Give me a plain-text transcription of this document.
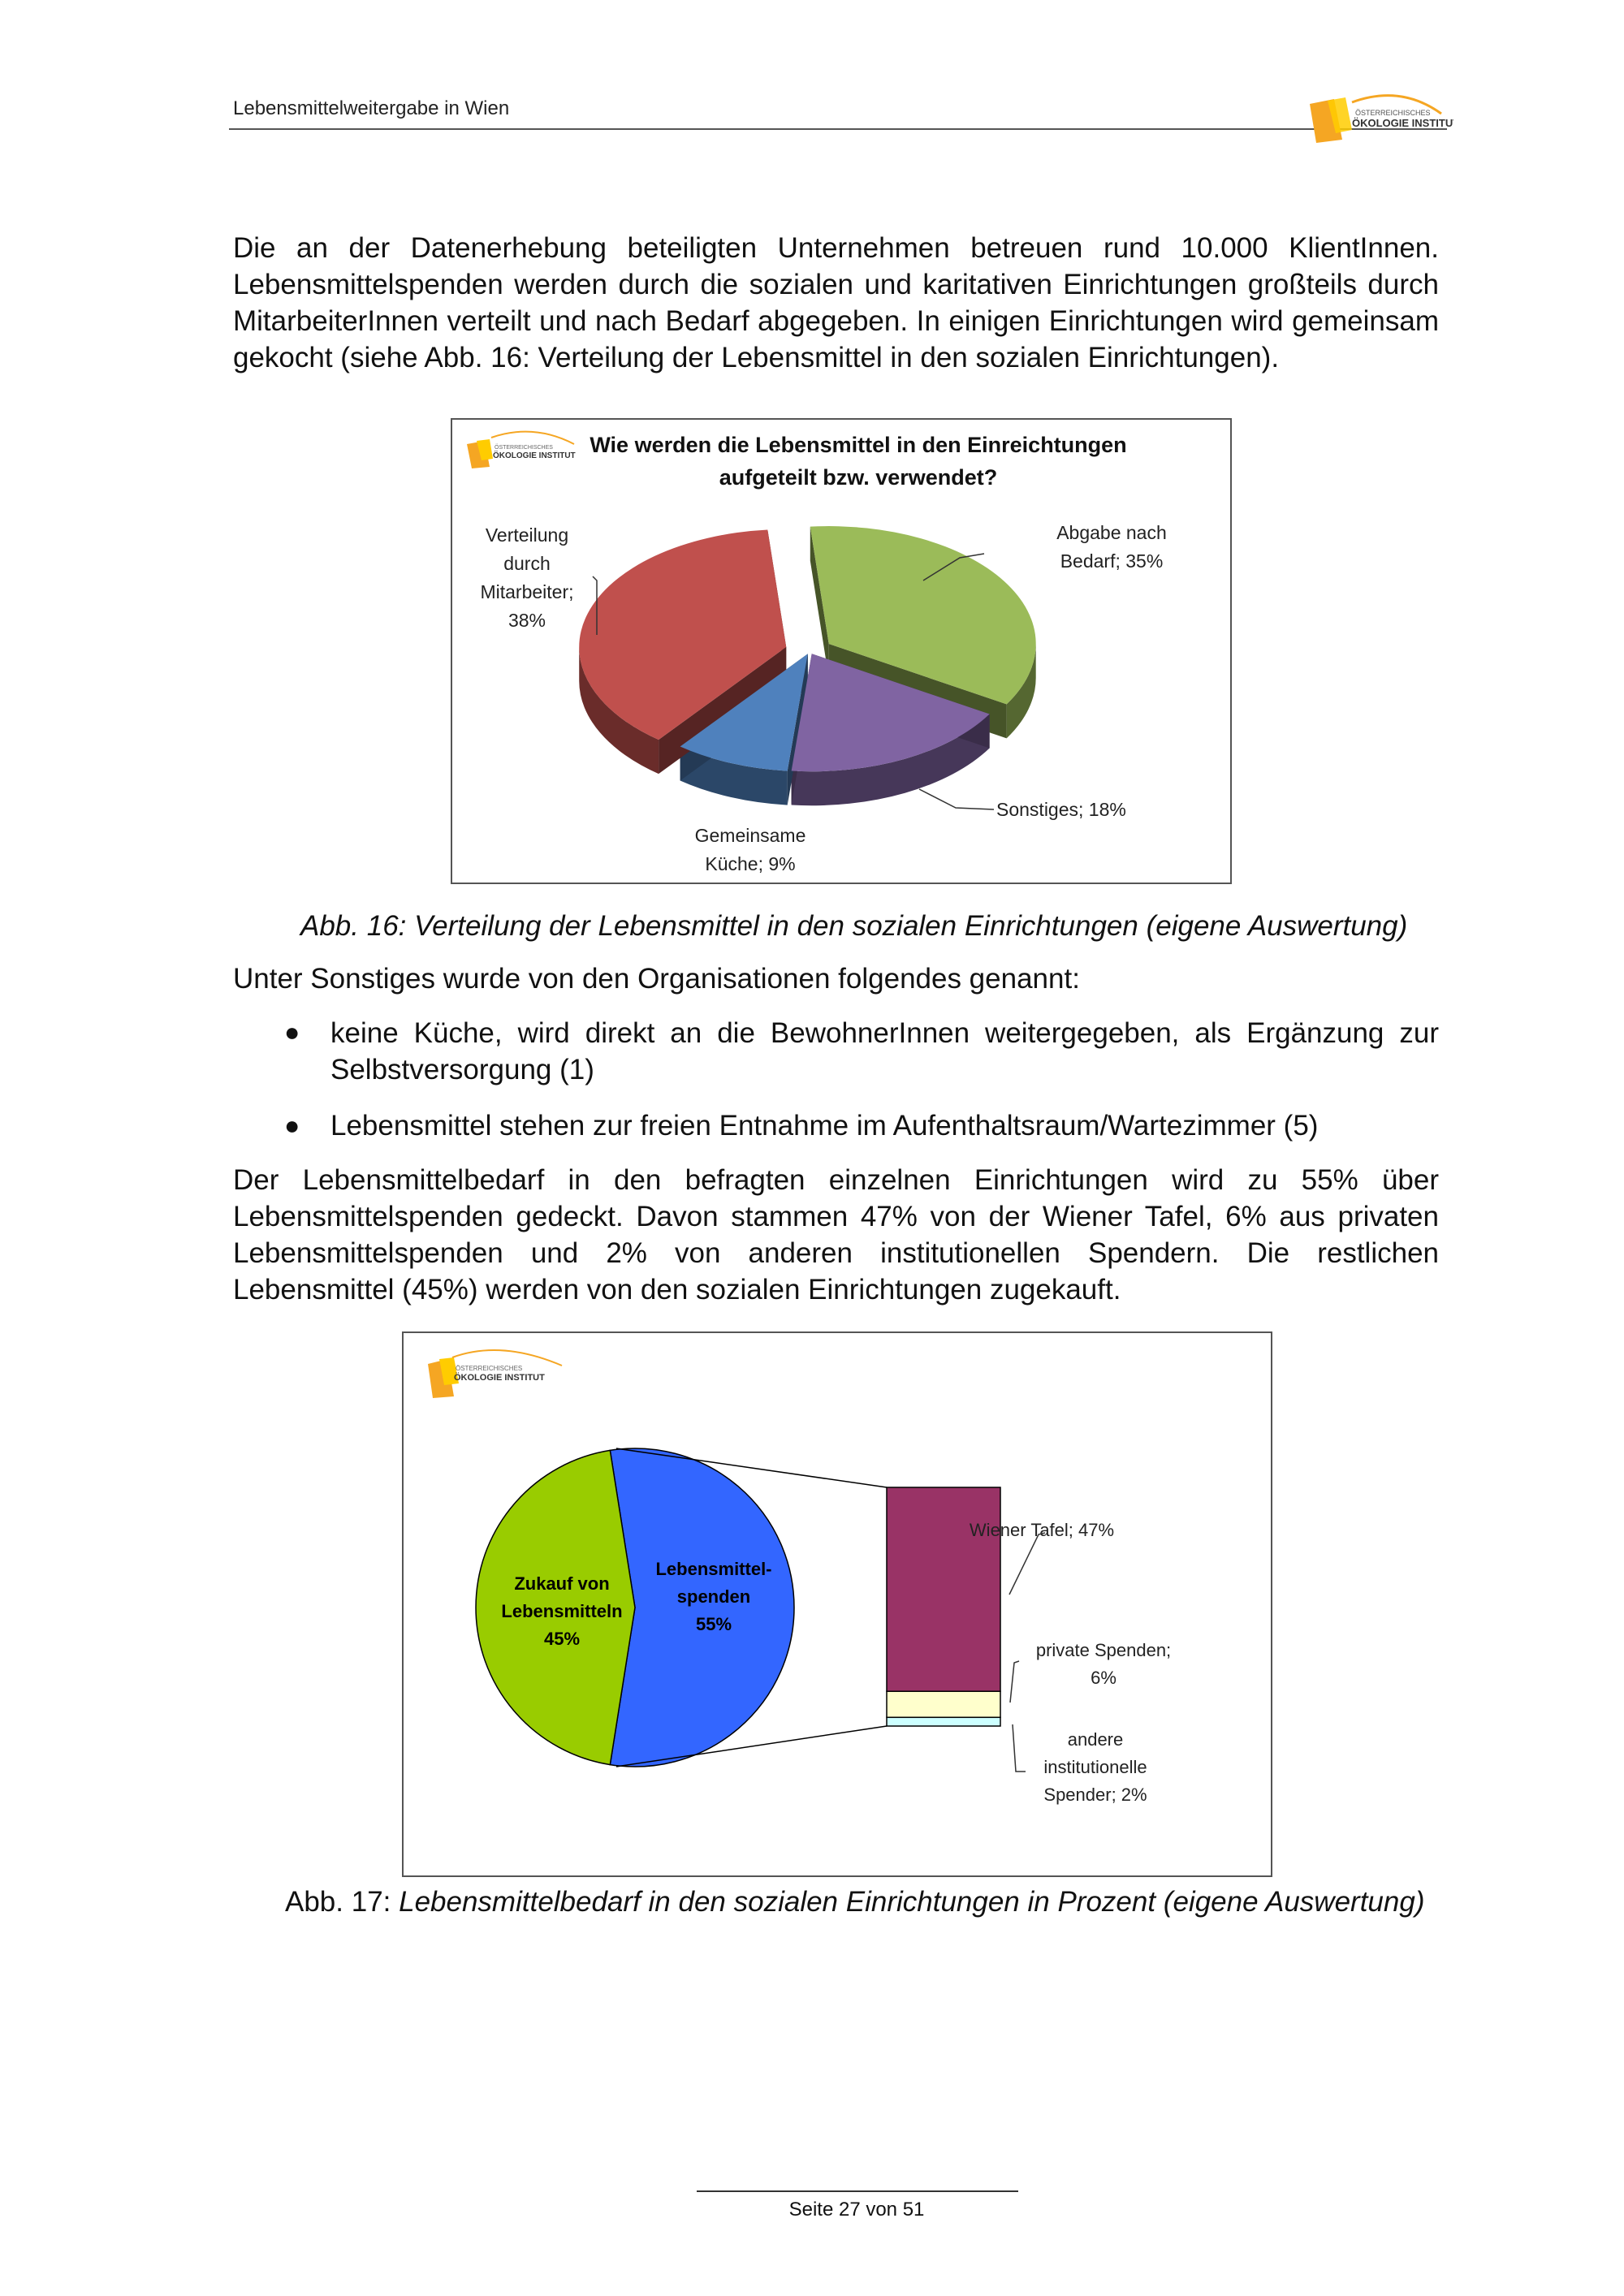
Lebensmittelweitergabe in Wien	ÖSTERREICHISCHES
ÖKOLOGIE INSTITUT
Die an der Datenerhebung beteiligten Unternehmen betreuen rund 10.000 KlientInnen. Lebensmittelspenden werden durch die sozialen und karitativen Einrichtungen großteils durch MitarbeiterInnen verteilt und nach Bedarf abgegeben. In einigen Einrichtungen wird gemeinsam gekocht (siehe Abb. 16: Verteilung der Lebensmittel in den sozialen Einrichtungen).
ÖSTERREICHISCHES
ÖKOLOGIE INSTITUT Wie werden die Lebensmittel in den Einreichtungen
aufgeteilt bzw. verwendet?
Abgabe nach
Bedarf; 35%
Sonstiges; 18%
Gemeinsame
Küche; 9%
Verteilung
durch
Mitarbeiter;
38%
Abb. 16: Verteilung der Lebensmittel in den sozialen Einrichtungen (eigene Auswertung)
Unter Sonstiges wurde von den Organisationen folgendes genannt:
● keine Küche, wird direkt an die BewohnerInnen weitergegeben, als Ergänzung zur Selbstversorgung (1)
● Lebensmittel stehen zur freien Entnahme im Aufenthaltsraum/Wartezimmer (5)
Der Lebensmittelbedarf in den befragten einzelnen Einrichtungen wird zu 55% über Lebensmittelspenden gedeckt. Davon stammen 47% von der Wiener Tafel, 6% aus privaten Lebensmittelspenden und 2% von anderen institutionellen Spendern. Die restlichen Lebensmittel (45%) werden von den sozialen Einrichtungen zugekauft.
ÖSTERREICHISCHES
ÖKOLOGIE INSTITUT
Lebensmittel-
spenden
55%
Zukauf von
Lebensmitteln
45%
Wiener Tafel; 47%
private Spenden;
6%
andere
institutionelle
Spender; 2%
Abb. 17: Lebensmittelbedarf in den sozialen Einrichtungen in Prozent (eigene Auswertung)
Seite 27 von 51
